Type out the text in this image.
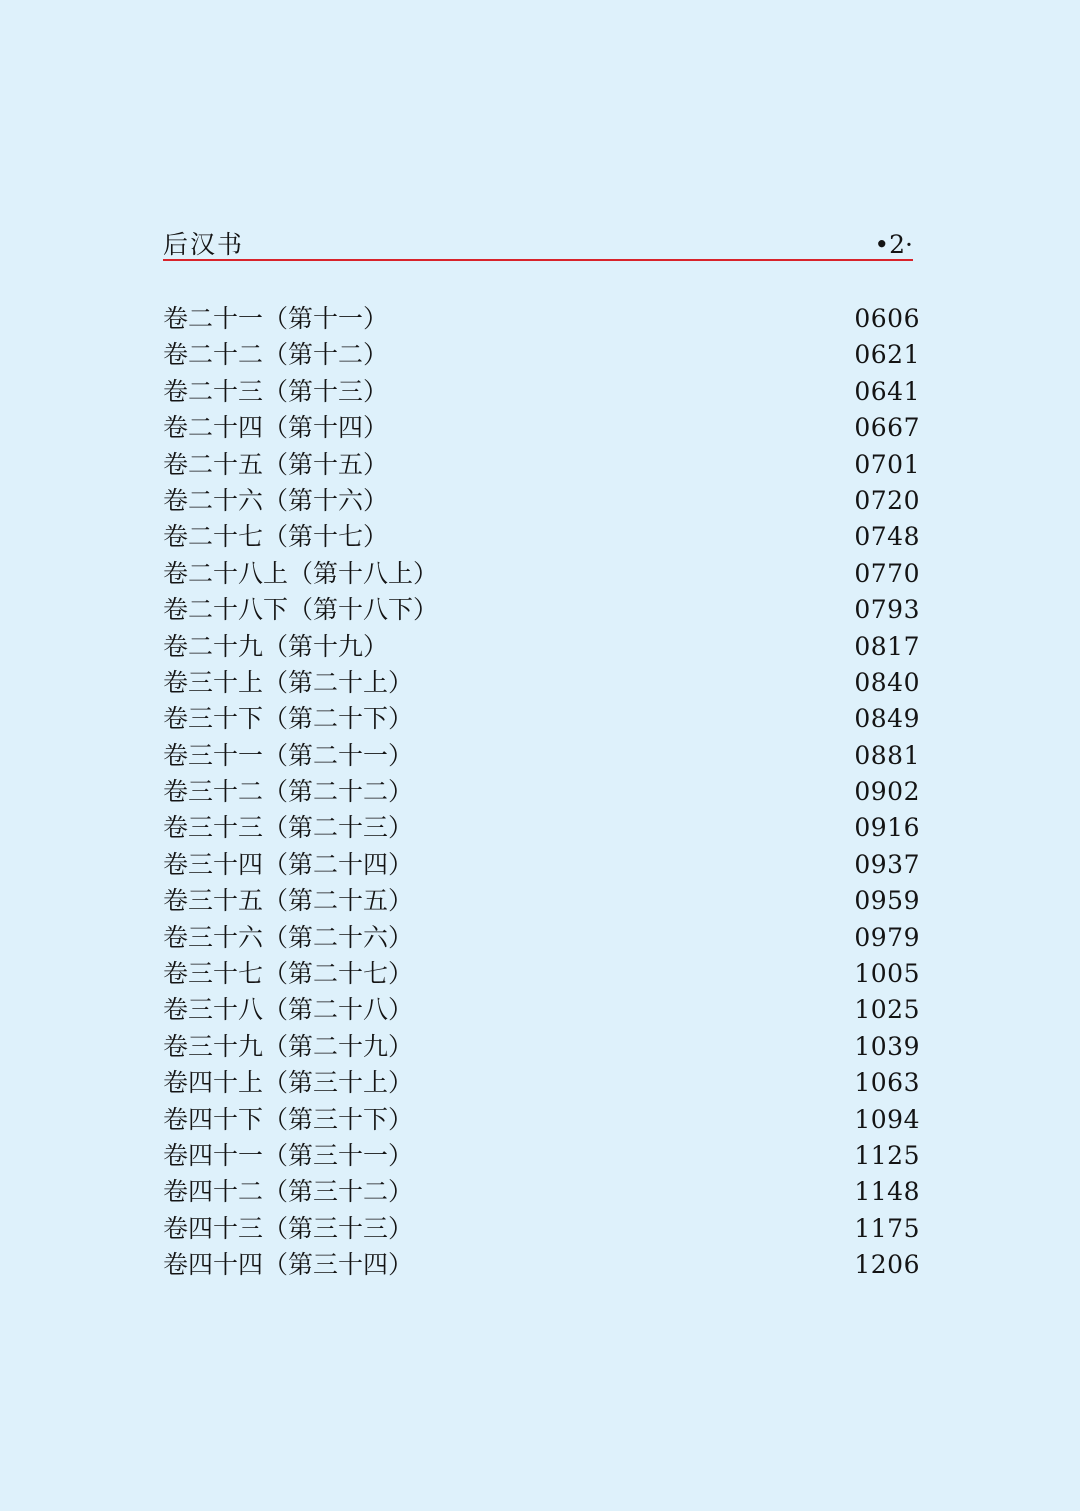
后汉书	•2·
卷二十一（第十一）	0606
卷二十二（第十二）	0621
卷二十三（第十三）	0641
卷二十四（第十四）	0667
卷二十五（第十五）	0701
卷二十六（第十六）	0720
卷二十七（第十七）	0748
卷二十八上（第十八上）	0770
卷二十八下（第十八下）	0793
卷二十九（第十九）	0817
卷三十上（第二十上）	0840
卷三十下（第二十下）	0849
卷三十一（第二十一）	0881
卷三十二（第二十二）	0902
卷三十三（第二十三）	0916
卷三十四（第二十四）	0937
卷三十五（第二十五）	0959
卷三十六（第二十六）	0979
卷三十七（第二十七）	1005
卷三十八（第二十八）	1025
卷三十九（第二十九）	1039
卷四十上（第三十上）	1063
卷四十下（第三十下）	1094
卷四十一（第三十一）	1125
卷四十二（第三十二）	1148
卷四十三（第三十三）	1175
卷四十四（第三十四）	1206
